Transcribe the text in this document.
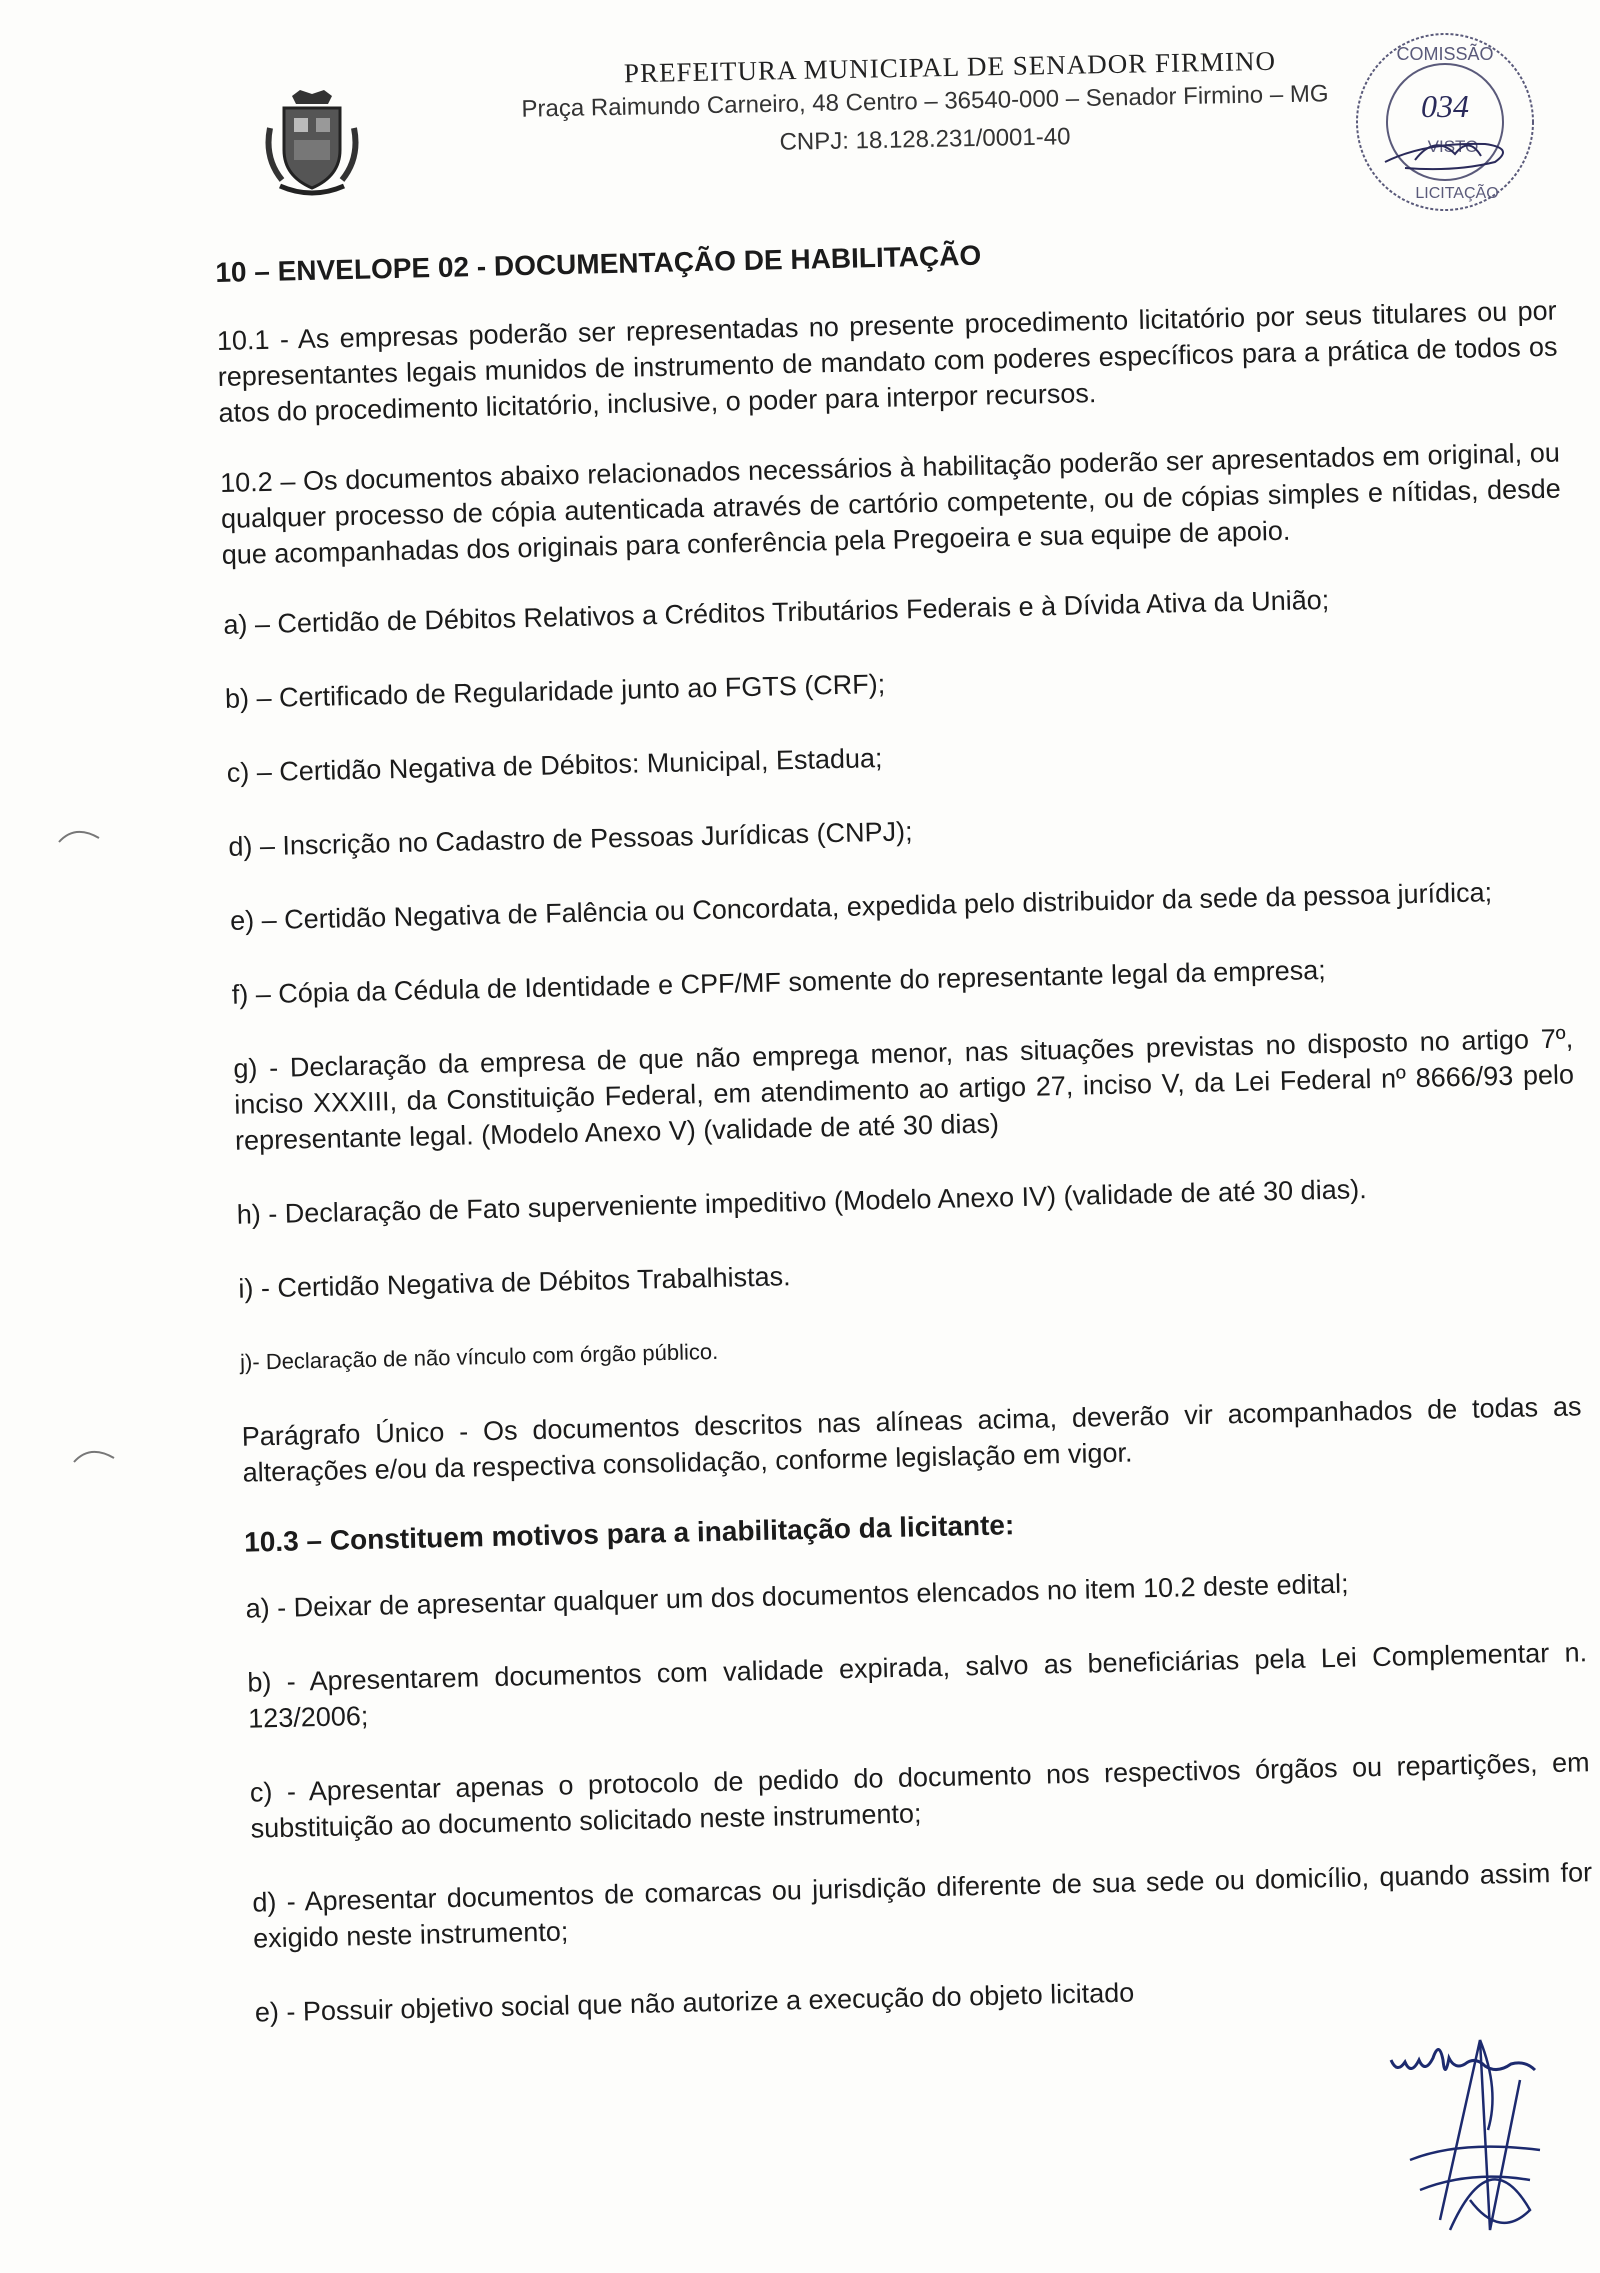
PREFEITURA MUNICIPAL DE SENADOR FIRMINO
Praça Raimundo Carneiro, 48 Centro – 36540-000 – Senador Firmino – MG
CNPJ: 18.128.231/0001-40
COMISSÃO
034
VISTO
LICITAÇÃO

10 – ENVELOPE 02 - DOCUMENTAÇÃO DE HABILITAÇÃO

10.1 - As empresas poderão ser representadas no presente procedimento licitatório por seus titulares ou por representantes legais munidos de instrumento de mandato com poderes específicos para a prática de todos os atos do procedimento licitatório, inclusive, o poder para interpor recursos.

10.2 – Os documentos abaixo relacionados necessários à habilitação poderão ser apresentados em original, ou qualquer processo de cópia autenticada através de cartório competente, ou de cópias simples e nítidas, desde que acompanhadas dos originais para conferência pela Pregoeira e sua equipe de apoio.

a) – Certidão de Débitos Relativos a Créditos Tributários Federais e à Dívida Ativa da União;

b) – Certificado de Regularidade junto ao FGTS (CRF);

c) – Certidão Negativa de Débitos: Municipal, Estadua;

d) – Inscrição no Cadastro de Pessoas Jurídicas (CNPJ);

e) – Certidão Negativa de Falência ou Concordata, expedida pelo distribuidor da sede da pessoa jurídica;

f) – Cópia da Cédula de Identidade e CPF/MF somente do representante legal da empresa;

g) - Declaração da empresa de que não emprega menor, nas situações previstas no disposto no artigo 7º, inciso XXXIII, da Constituição Federal, em atendimento ao artigo 27, inciso V, da Lei Federal nº 8666/93 pelo representante legal. (Modelo Anexo V) (validade de até 30 dias)

h) - Declaração de Fato superveniente impeditivo (Modelo Anexo IV) (validade de até 30 dias).

i) - Certidão Negativa de Débitos Trabalhistas.

j)- Declaração de não vínculo com órgão público.

Parágrafo Único - Os documentos descritos nas alíneas acima, deverão vir acompanhados de todas as alterações e/ou da respectiva consolidação, conforme legislação em vigor.

10.3 – Constituem motivos para a inabilitação da licitante:

a) - Deixar de apresentar qualquer um dos documentos elencados no item 10.2 deste edital;

b) - Apresentarem documentos com validade expirada, salvo as beneficiárias pela Lei Complementar n. 123/2006;

c) - Apresentar apenas o protocolo de pedido do documento nos respectivos órgãos ou repartições, em substituição ao documento solicitado neste instrumento;

d) - Apresentar documentos de comarcas ou jurisdição diferente de sua sede ou domicílio, quando assim for exigido neste instrumento;

e) - Possuir objetivo social que não autorize a execução do objeto licitado
